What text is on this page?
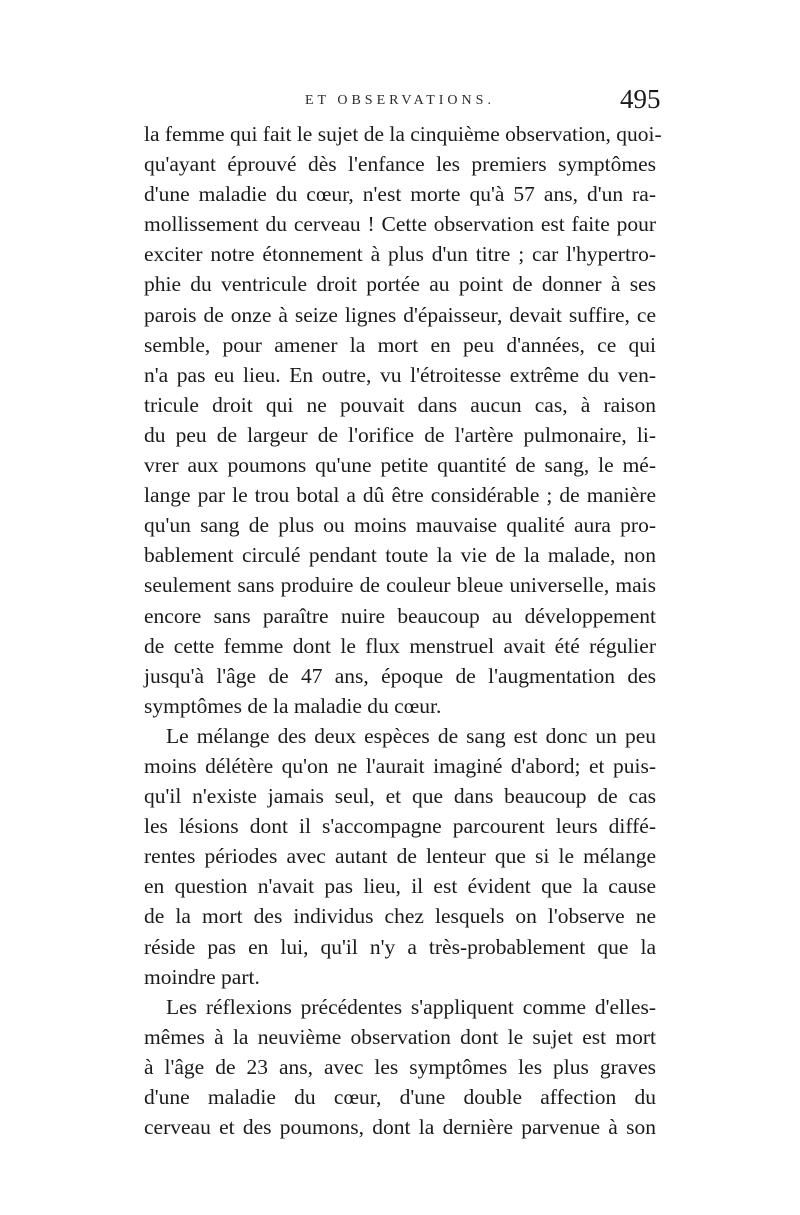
ET OBSERVATIONS.	495
la femme qui fait le sujet de la cinquième observation, quoi-
qu'ayant éprouvé dès l'enfance les premiers symptômes
d'une maladie du cœur, n'est morte qu'à 57 ans, d'un ra-
mollissement du cerveau ! Cette observation est faite pour
exciter notre étonnement à plus d'un titre ; car l'hypertro-
phie du ventricule droit portée au point de donner à ses
parois de onze à seize lignes d'épaisseur, devait suffire, ce
semble, pour amener la mort en peu d'années, ce qui
n'a pas eu lieu. En outre, vu l'étroitesse extrême du ven-
tricule droit qui ne pouvait dans aucun cas, à raison
du peu de largeur de l'orifice de l'artère pulmonaire, li-
vrer aux poumons qu'une petite quantité de sang, le mé-
lange par le trou botal a dû être considérable ; de manière
qu'un sang de plus ou moins mauvaise qualité aura pro-
bablement circulé pendant toute la vie de la malade, non
seulement sans produire de couleur bleue universelle, mais
encore sans paraître nuire beaucoup au développement
de cette femme dont le flux menstruel avait été régulier
jusqu'à l'âge de 47 ans, époque de l'augmentation des
symptômes de la maladie du cœur.
Le mélange des deux espèces de sang est donc un peu
moins délétère qu'on ne l'aurait imaginé d'abord; et puis-
qu'il n'existe jamais seul, et que dans beaucoup de cas
les lésions dont il s'accompagne parcourent leurs diffé-
rentes périodes avec autant de lenteur que si le mélange
en question n'avait pas lieu, il est évident que la cause
de la mort des individus chez lesquels on l'observe ne
réside pas en lui, qu'il n'y a très-probablement que la
moindre part.
Les réflexions précédentes s'appliquent comme d'elles-
mêmes à la neuvième observation dont le sujet est mort
à l'âge de 23 ans, avec les symptômes les plus graves
d'une maladie du cœur, d'une double affection du
cerveau et des poumons, dont la dernière parvenue à son
